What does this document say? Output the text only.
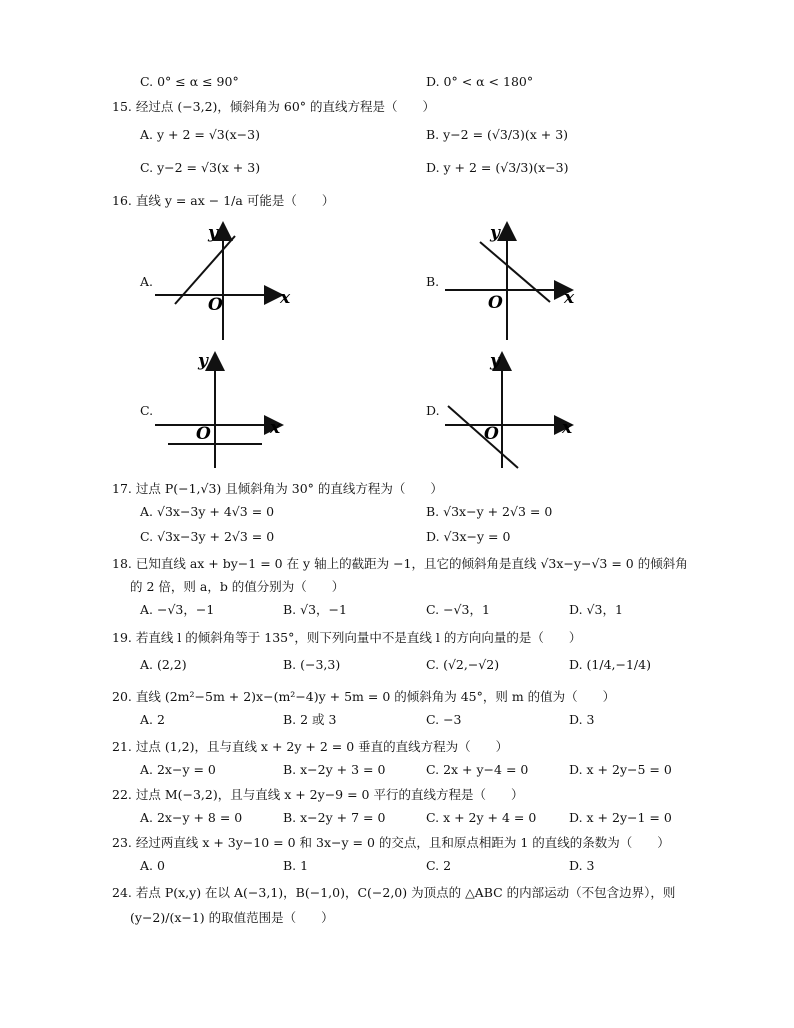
C. 0° ≤ α ≤ 90°	D. 0° < α < 180°
15. 经过点 (−3,2)，倾斜角为 60° 的直线方程是（　　）
A. y + 2 = √3(x−3)	B. y−2 = (√3/3)(x + 3)
C. y−2 = √3(x + 3)	D. y + 2 = (√3/3)(x−3)
16. 直线 y = ax − 1/a 可能是（　　）
A.
y
x
O
B.
y
x
O
C.
y
x
O
D.
y
x
O
17. 过点 P(−1,√3) 且倾斜角为 30° 的直线方程为（　　）
A. √3x−3y + 4√3 = 0	B. √3x−y + 2√3 = 0
C. √3x−3y + 2√3 = 0	D. √3x−y = 0
18. 已知直线 ax + by−1 = 0 在 y 轴上的截距为 −1，且它的倾斜角是直线 √3x−y−√3 = 0 的倾斜角
的 2 倍，则 a，b 的值分别为（　　）
A. −√3，−1	B. √3，−1	C. −√3，1	D. √3，1
19. 若直线 l 的倾斜角等于 135°，则下列向量中不是直线 l 的方向向量的是（　　）
A. (2,2)	B. (−3,3)	C. (√2,−√2)	D. (1/4,−1/4)
20. 直线 (2m²−5m + 2)x−(m²−4)y + 5m = 0 的倾斜角为 45°，则 m 的值为（　　）
A. 2	B. 2 或 3	C. −3	D. 3
21. 过点 (1,2)，且与直线 x + 2y + 2 = 0 垂直的直线方程为（　　）
A. 2x−y = 0	B. x−2y + 3 = 0	C. 2x + y−4 = 0	D. x + 2y−5 = 0
22. 过点 M(−3,2)，且与直线 x + 2y−9 = 0 平行的直线方程是（　　）
A. 2x−y + 8 = 0	B. x−2y + 7 = 0	C. x + 2y + 4 = 0	D. x + 2y−1 = 0
23. 经过两直线 x + 3y−10 = 0 和 3x−y = 0 的交点，且和原点相距为 1 的直线的条数为（　　）
A. 0	B. 1	C. 2	D. 3
24. 若点 P(x,y) 在以 A(−3,1)，B(−1,0)，C(−2,0) 为顶点的 △ABC 的内部运动（不包含边界），则
(y−2)/(x−1) 的取值范围是（　　）
